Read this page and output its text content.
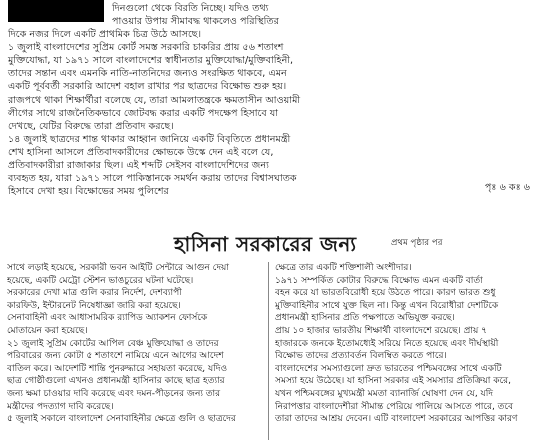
দিনগুলো থেকে বিরতি নিচ্ছে। যদিও তথ্য
পাওয়ার উপায় সীমাবদ্ধ থাকলেও পরিস্থিতির
দিকে নজর দিলে একটি প্রাথমিক চিত্র উঠে আসছে।
১ জুলাই বাংলাদেশের সুপ্রিম কোর্ট সমস্ত সরকারি চাকরির প্রায় ৫৬ শতাংশ
মুক্তিযোদ্ধা, যা ১৯৭১ সালে বাংলাদেশের স্বাধীনতার মুক্তিযোদ্ধা/মুক্তিবাহিনী,
তাদের সন্তান এবং এমনকি নাতি-নাতনিদের জন্যও সংরক্ষিত থাকবে, এমন
একটি পূর্ববর্তী সরকারি আদেশ বহাল রাখার পর ছাত্রদের বিক্ষোভ শুরু হয়।
রাজপথে থাকা শিক্ষার্থীরা বলেছে যে, তারা আমলাতন্ত্রকে ক্ষমতাসীন আওয়ামী
লীগের সাথে রাজনৈতিকভাবে জোটবদ্ধ করার একটি পদক্ষেপ হিসাবে যা
দেখছে, যেটির বিরুদ্ধে তারা প্রতিবাদ করছে।
১৪ জুলাই ছাত্রদের শান্ত থাকার আহ্বান জানিয়ে একটি বিবৃতিতে প্রধানমন্ত্রী
শেখ হাসিনা আসলে প্রতিবাদকারীদের ক্ষোভকে উস্কে দেন এই বলে যে,
প্রতিবাদকারীরা রাজাকার ছিল। এই শব্দটি সেইসব বাংলাদেশিদের জন্য
ব্যবহৃত হয়, যারা ১৯৭১ সালে পাকিস্তানকে সমর্থন করায় তাদের বিশ্বাসঘাতক
হিসাবে দেখা হয়। বিক্ষোভের সময় পুলিশের	পৃঃ ৬ কঃ ৬
হাসিনা সরকারের জন্য	প্রথম পৃষ্ঠার পর
সাথে লড়াই হয়েছে, সরকারী ভবন আইটি সেন্টারে আগুন দেয়া
হয়েছে, একটি মেট্রো স্টেশন ভাঙচুরের ঘটনা ঘটেছে।
সরকারের দেখা মাত্র গুলি করার নির্দেশ, দেশব্যাপী
কারফিউ, ইন্টারনেট নিষেধাজ্ঞা জারি করা হয়েছে।
সেনাবাহিনী এবং আধাসামরিক র‍্যাপিড অ্যাকশন ফোর্সকে
মোতায়েন করা হয়েছে।
২১ জুলাই সুপ্রিম কোর্টের আপিল বেঞ্চ মুক্তিযোদ্ধা ও তাদের
পরিবারের জন্য কোটা ৫ শতাংশে নামিয়ে এনে আগের আদেশ
বাতিল করে। আদেশটি শান্তি পুনরুদ্ধারে সহায়তা করেছে, যদিও
ছাত্র গোষ্ঠীগুলো এখনও প্রধানমন্ত্রী হাসিনার কাছে ছাত্র হত্যার
জন্য ক্ষমা চাওয়ার দাবি করেছে এবং দমন-পীড়নের জন্য তার
মন্ত্রীদের পদত্যাগ দাবি করেছে।
৫ জুলাই সকালে বাংলাদেশ সেনাবাহিনীর ক্ষেত্রে গুলি ও ছাত্রদের
ক্ষেত্রে তার একটি শক্তিশালী অংশীদার।
১৯৭১ সম্পর্কিত কোটার বিরুদ্ধে বিক্ষোভ এমন একটি বার্তা
বহন করে যা ভারতবিরোধী হয়ে উঠতে পারে। কারণ ভারত শুধু
মুক্তিবাহিনীর সাথে যুক্ত ছিল না। কিন্তু এখন বিরোধীরা দেশটিকে
প্রধানমন্ত্রী হাসিনার প্রতি পক্ষপাতে অভিযুক্ত করছে।
প্রায় ১০ হাজার ভারতীয় শিক্ষার্থী বাংলাদেশে রয়েছে। প্রায় ৭
হাজারকে জনকে ইতোমধ্যেই সরিয়ে নিতে হয়েছে এবং দীর্ঘস্থায়ী
বিক্ষোভ তাদের প্রত্যাবর্তন বিলম্বিত করতে পারে।
বাংলাদেশের সমস্যাগুলো দ্রুত ভারতের পশ্চিমবঙ্গের সাথে একটি
সমস্যা হয়ে উঠেছে। যা হাসিনা সরকার এই সমস্যার প্রতিক্রিয়া করে,
যখন পশ্চিমবঙ্গের মুখ্যমন্ত্রী মমতা ব্যানার্জি ঘোষণা দেন যে, যদি
নিরাপত্তার বাংলাদেশীরা সীমান্ত পেরিয়ে পালিয়ে আসতে পারে, তবে
তারা তাদের আশ্রয় দেবেন। এটি বাংলাদেশ সরকারের আপত্তির কারণ
